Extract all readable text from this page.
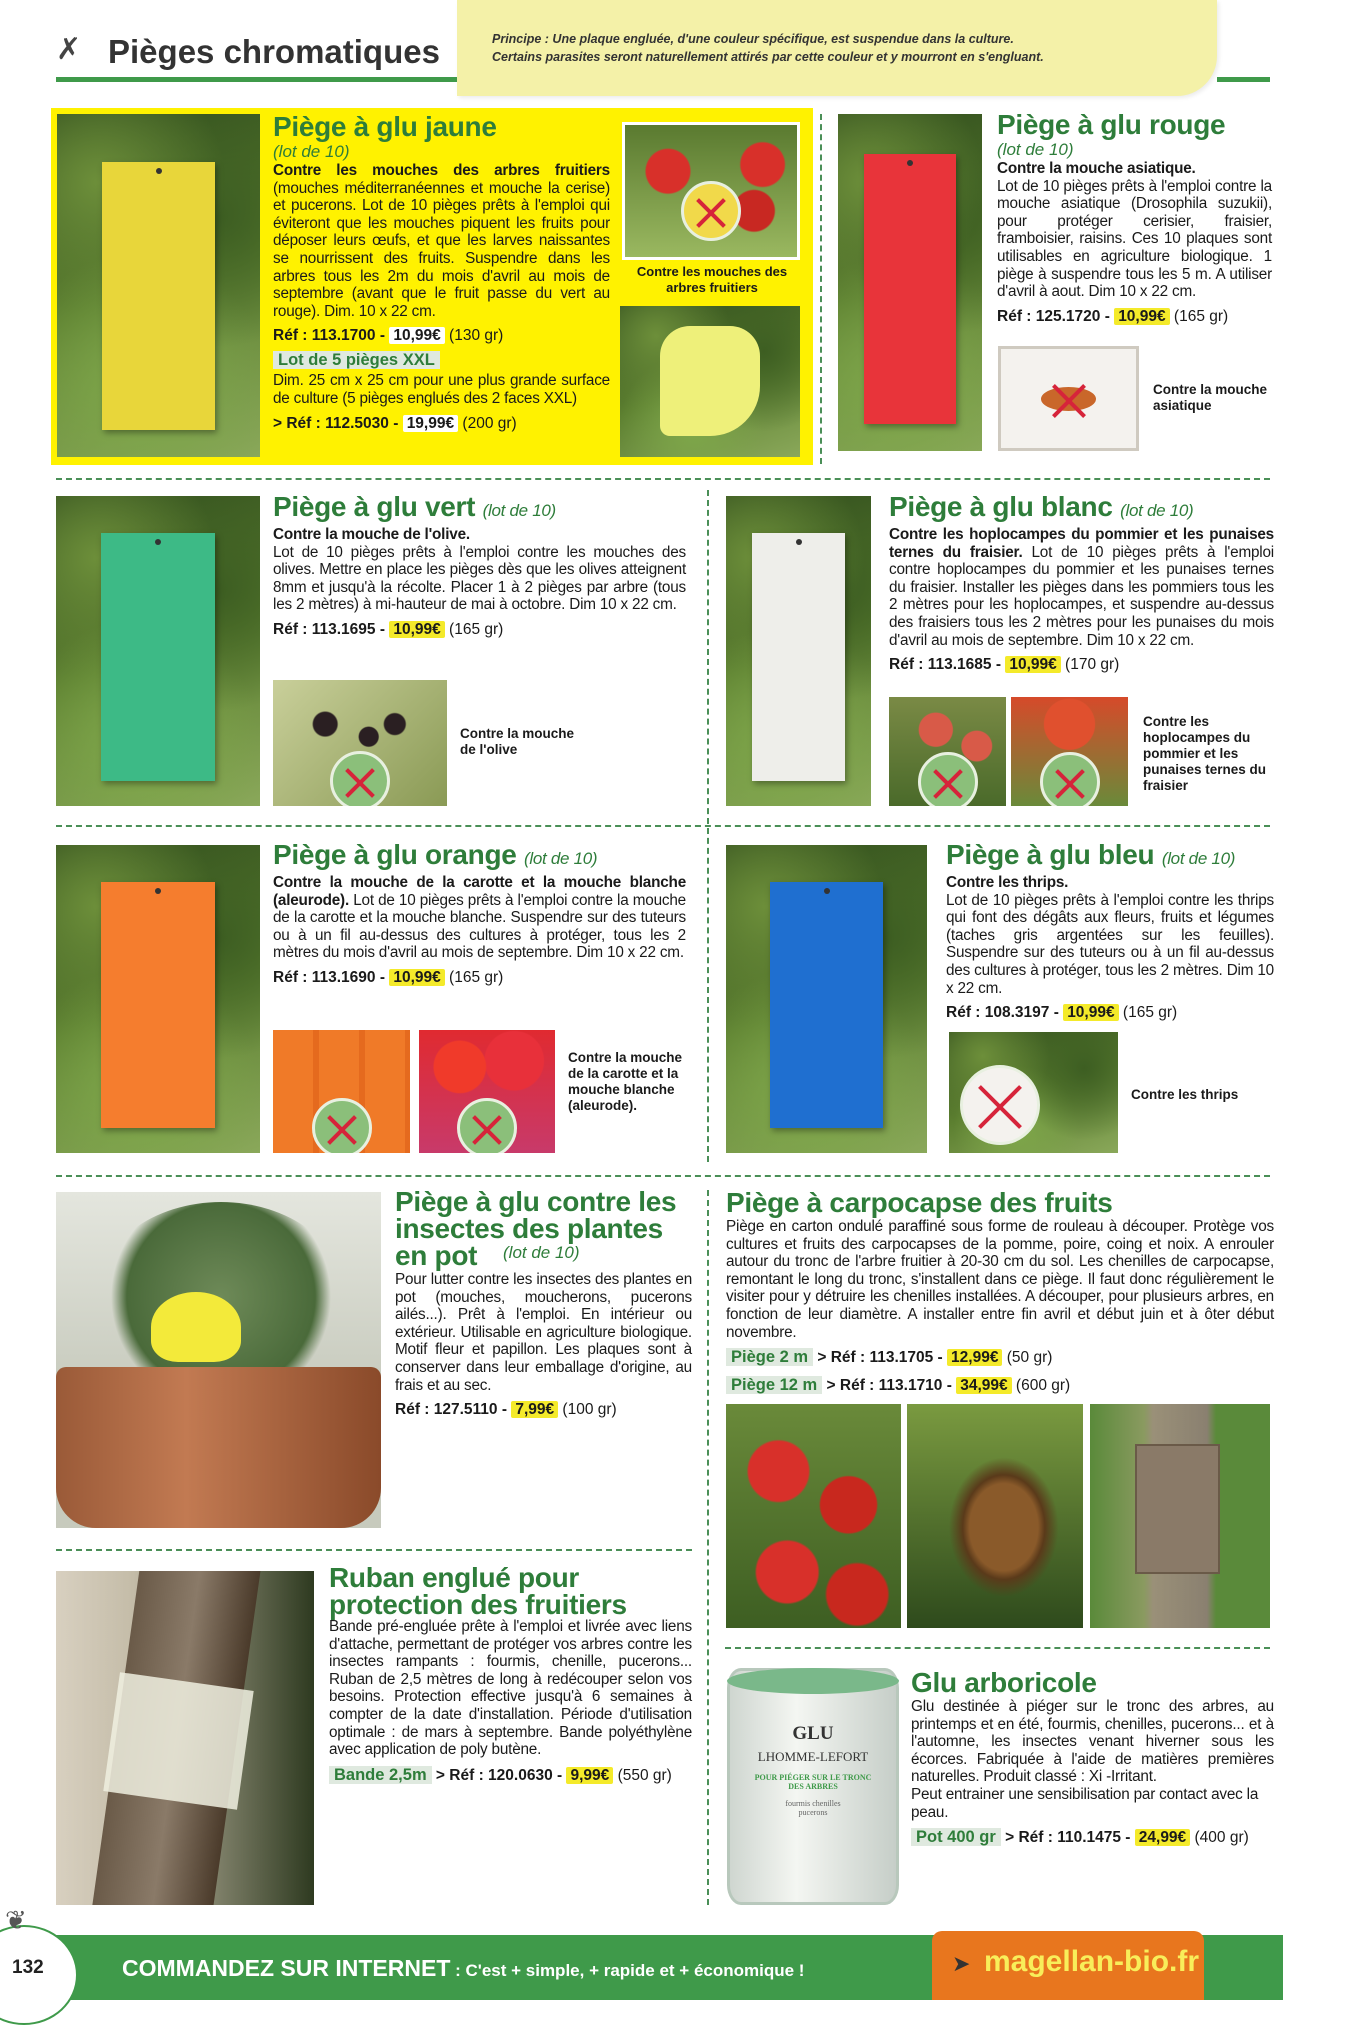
Principe : Une plaque engluée, d'une couleur spécifique, est suspendue dans la culture.
Certains parasites seront naturellement attirés par cette couleur et y mourront en s'engluant.
✗ Pièges chromatiques
Piège à glu jaune
(lot de 10)
Contre les mouches des arbres fruitiers (mouches méditerranéennes et mouche la cerise) et pucerons. Lot de 10 pièges prêts à l'emploi qui éviteront que les mouches piquent les fruits pour déposer leurs œufs, et que les larves naissantes se nourrissent des fruits. Suspendre dans les arbres tous les 2m du mois d'avril au mois de septembre (avant que le fruit passe du vert au rouge). Dim. 10 x 22 cm.
Réf : 113.1700 - 10,99€ (130 gr)
Lot de 5 pièges XXL
Dim. 25 cm x 25 cm pour une plus grande surface de culture (5 pièges englués des 2 faces XXL)
> Réf : 112.5030 - 19,99€ (200 gr)
Contre les mouches des arbres fruitiers
Piège à glu rouge
(lot de 10)
Contre la mouche asiatique.
Lot de 10 pièges prêts à l'emploi contre la mouche asiatique (Drosophila suzukii), pour protéger cerisier, fraisier, framboisier, raisins. Ces 10 plaques sont utilisables en agriculture biologique. 1 piège à suspendre tous les 5 m. A utiliser d'avril à aout. Dim 10 x 22 cm.
Réf : 125.1720 - 10,99€ (165 gr)
Contre la mouche asiatique
Piège à glu vert (lot de 10)
Contre la mouche de l'olive.
Lot de 10 pièges prêts à l'emploi contre les mouches des olives. Mettre en place les pièges dès que les olives atteignent 8mm et jusqu'à la récolte. Placer 1 à 2 pièges par arbre (tous les 2 mètres) à mi-hauteur de mai à octobre. Dim 10 x 22 cm.
Réf : 113.1695 - 10,99€ (165 gr)
Contre la mouche de l'olive
Piège à glu blanc (lot de 10)
Contre les hoplocampes du pommier et les punaises ternes du fraisier. Lot de 10 pièges prêts à l'emploi contre hoplocampes du pommier et les punaises ternes du fraisier. Installer les pièges dans les pommiers tous les 2 mètres pour les hoplocampes, et suspendre au-dessus des fraisiers tous les 2 mètres pour les punaises du mois d'avril au mois de septembre. Dim 10 x 22 cm.
Réf : 113.1685 - 10,99€ (170 gr)
Contre les hoplocampes du pommier et les punaises ternes du fraisier
Piège à glu orange (lot de 10)
Contre la mouche de la carotte et la mouche blanche (aleurode). Lot de 10 pièges prêts à l'emploi contre la mouche de la carotte et la mouche blanche. Suspendre sur des tuteurs ou à un fil au-dessus des cultures à protéger, tous les 2 mètres du mois d'avril au mois de septembre. Dim 10 x 22 cm.
Réf : 113.1690 - 10,99€ (165 gr)
Contre la mouche de la carotte et la mouche blanche (aleurode).
Piège à glu bleu (lot de 10)
Contre les thrips.
Lot de 10 pièges prêts à l'emploi contre les thrips qui font des dégâts aux fleurs, fruits et légumes (taches gris argentées sur les feuilles). Suspendre sur des tuteurs ou à un fil au-dessus des cultures à protéger, tous les 2 mètres. Dim 10 x 22 cm.
Réf : 108.3197 - 10,99€ (165 gr)
Contre les thrips
Piège à glu contre les insectes des plantes en pot	(lot de 10)
Pour lutter contre les insectes des plantes en pot (mouches, moucherons, pucerons ailés...). Prêt à l'emploi. En intérieur ou extérieur. Utilisable en agriculture biologique. Motif fleur et papillon. Les plaques sont à conserver dans leur emballage d'origine, au frais et au sec.
Réf : 127.5110 - 7,99€ (100 gr)
Piège à carpocapse des fruits
Piège en carton ondulé paraffiné sous forme de rouleau à découper. Protège vos cultures et fruits des carpocapses de la pomme, poire, coing et noix. A enrouler autour du tronc de l'arbre fruitier à 20-30 cm du sol. Les chenilles de carpocapse, remontant le long du tronc, s'installent dans ce piège. Il faut donc régulièrement le visiter pour y détruire les chenilles installées. A découper, pour plusieurs arbres, en fonction de leur diamètre. A installer entre fin avril et début juin et à ôter début novembre.
Piège 2 m > Réf : 113.1705 - 12,99€ (50 gr)
Piège 12 m > Réf : 113.1710 - 34,99€ (600 gr)
Ruban englué pour protection des fruitiers
Bande pré-engluée prête à l'emploi et livrée avec liens d'attache, permettant de protéger vos arbres contre les insectes rampants : fourmis, chenille, pucerons... Ruban de 2,5 mètres de long à redécouper selon vos besoins. Protection effective jusqu'à 6 semaines à compter de la date d'installation. Période d'utilisation optimale : de mars à septembre. Bande polyéthylène avec application de poly butène.
Bande 2,5m > Réf : 120.0630 - 9,99€ (550 gr)
GLU
LHOMME-LEFORT
POUR PIÉGER SUR LE TRONC DES ARBRES
fourmis chenilles pucerons
Glu arboricole
Glu destinée à piéger sur le tronc des arbres, au printemps et en été, fourmis, chenilles, pucerons... et à l'automne, les insectes venant hiverner sous les écorces. Fabriquée à l'aide de matières premières naturelles. Produit classé : Xi -Irritant.
Peut entrainer une sensibilisation par contact avec la peau.
Pot 400 gr > Réf : 110.1475 - 24,99€ (400 gr)
❦
132	COMMANDEZ SUR INTERNET : C'est + simple, + rapide et + économique !	➤ magellan-bio.fr
